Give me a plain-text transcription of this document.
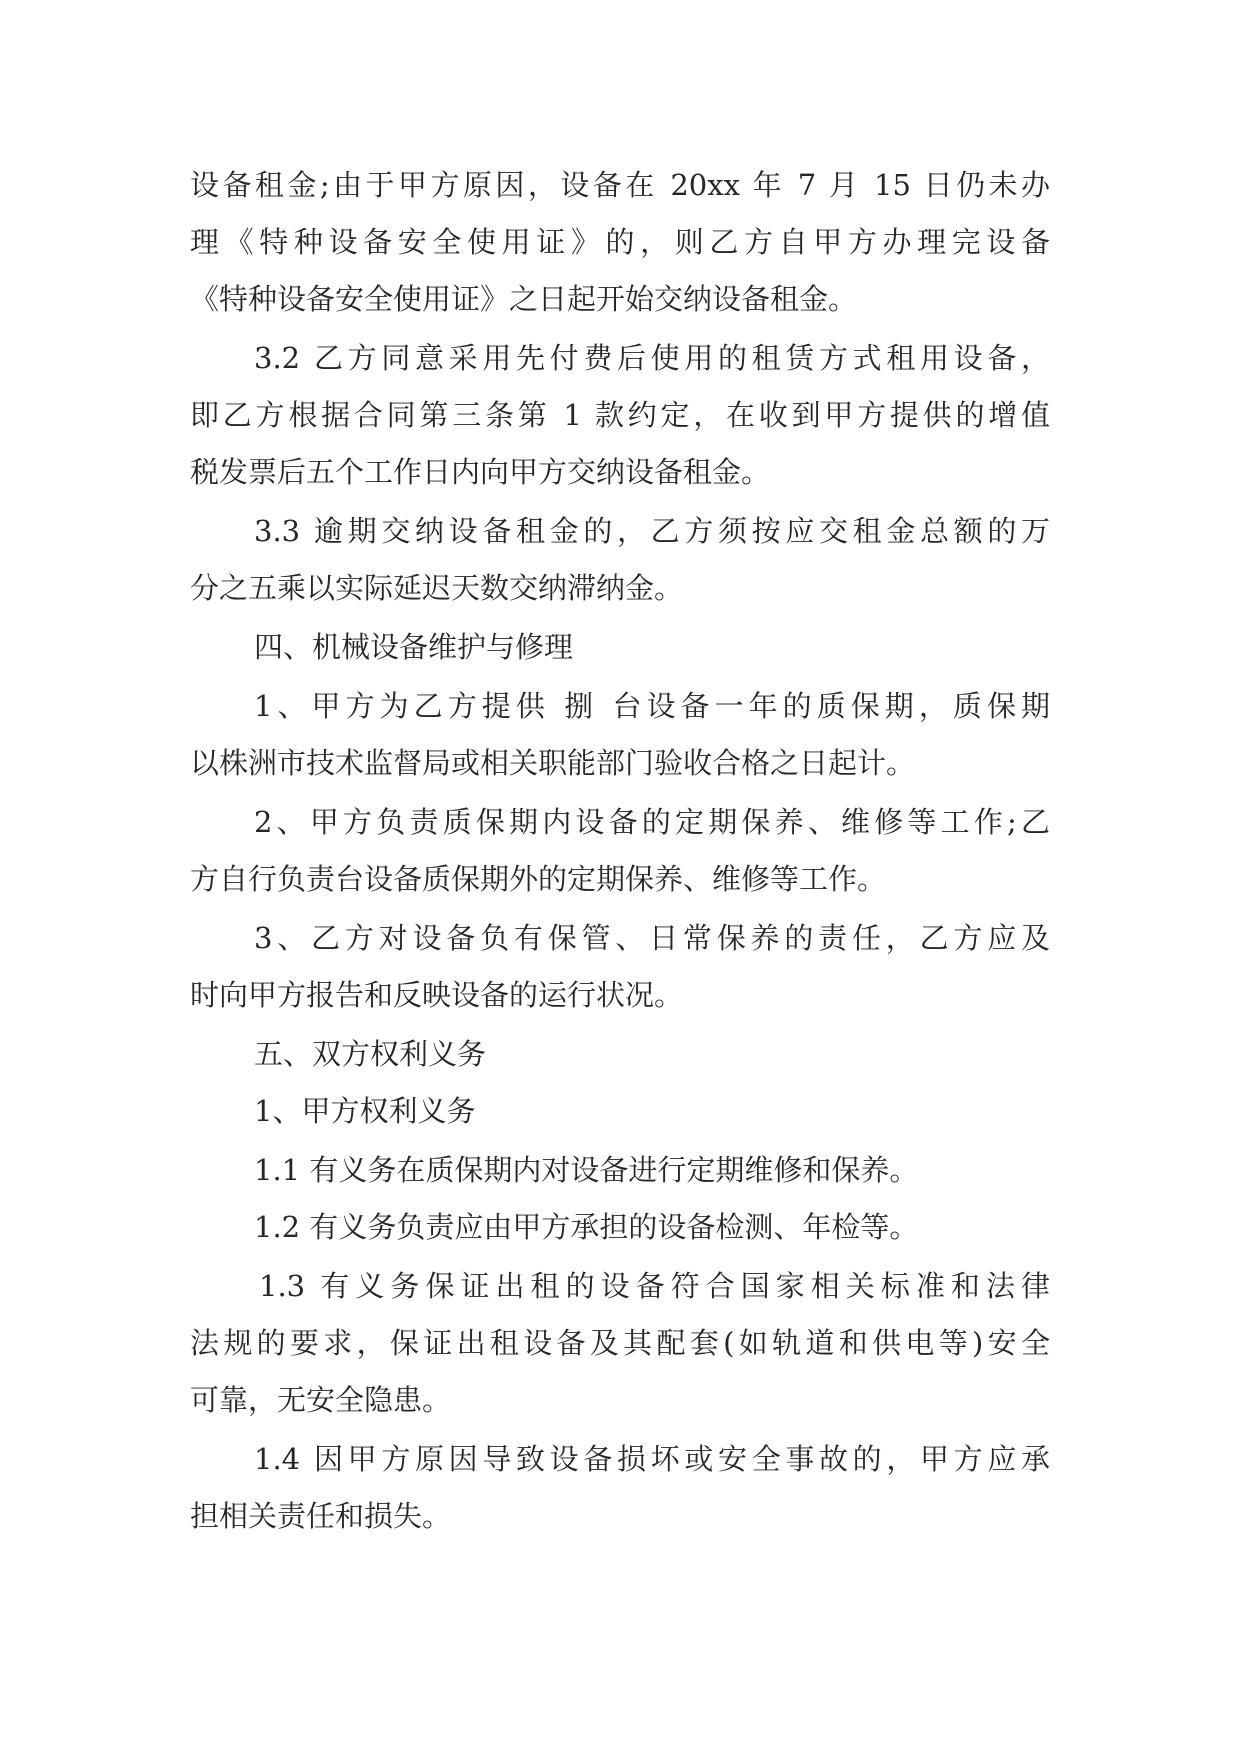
设备租金;由于甲方原因，设备在 20xx 年 7 月 15 日仍未办
理《特种设备安全使用证》的，则乙方自甲方办理完设备
《特种设备安全使用证》之日起开始交纳设备租金。
3.2 乙方同意采用先付费后使用的租赁方式租用设备，
即乙方根据合同第三条第 1 款约定，在收到甲方提供的增值
税发票后五个工作日内向甲方交纳设备租金。
3.3 逾期交纳设备租金的，乙方须按应交租金总额的万
分之五乘以实际延迟天数交纳滞纳金。
四、机械设备维护与修理
1、甲方为乙方提供 捌 台设备一年的质保期，质保期
以株洲市技术监督局或相关职能部门验收合格之日起计。
2、甲方负责质保期内设备的定期保养、维修等工作;乙
方自行负责台设备质保期外的定期保养、维修等工作。
3、乙方对设备负有保管、日常保养的责任，乙方应及
时向甲方报告和反映设备的运行状况。
五、双方权利义务
1、甲方权利义务
1.1 有义务在质保期内对设备进行定期维修和保养。
1.2 有义务负责应由甲方承担的设备检测、年检等。
1.3 有义务保证出租的设备符合国家相关标准和法律
法规的要求，保证出租设备及其配套(如轨道和供电等)安全
可靠，无安全隐患。
1.4 因甲方原因导致设备损坏或安全事故的，甲方应承
担相关责任和损失。
